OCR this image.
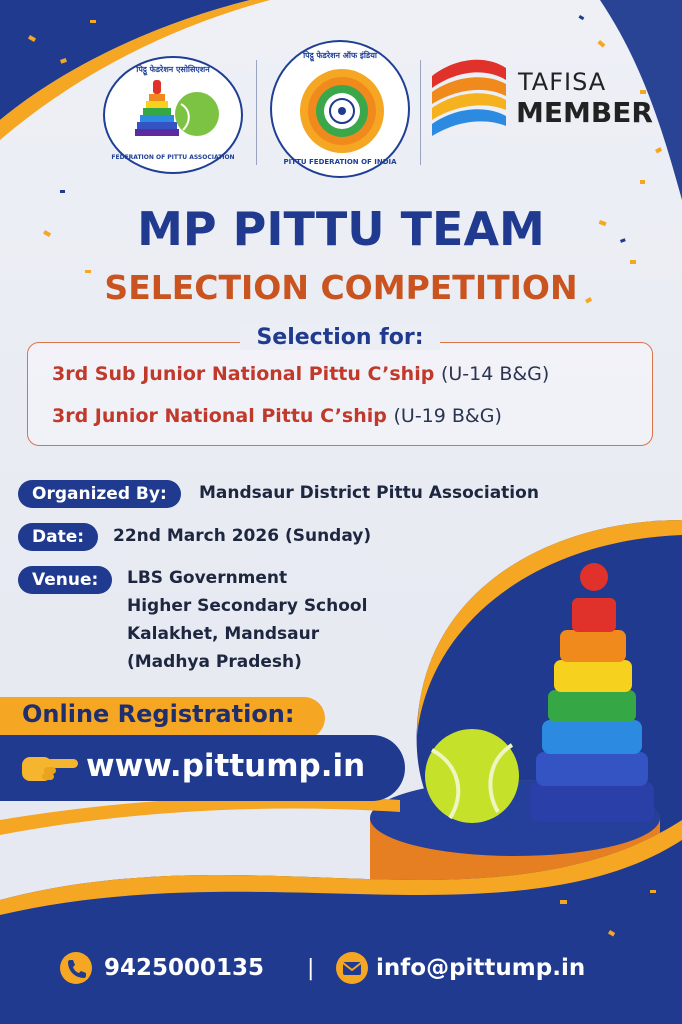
पिट्ठू फेडरेशन एसोसिएशन
FEDERATION OF PITTU ASSOCIATION
पिट्ठू फेडरेशन ऑफ इंडिया
PITTU FEDERATION OF INDIA
TAFISA
MEMBER
MP PITTU TEAM
SELECTION COMPETITION
Selection for:
3rd Sub Junior National Pittu C’ship (U-14 B&G)
3rd Junior National Pittu C’ship (U-19 B&G)
Organized By:	Mandsaur District Pittu Association
Date:	22nd March 2026 (Sunday)
Venue:	LBS Government
Higher Secondary School
Kalakhet, Mandsaur
(Madhya Pradesh)
Online Registration:
www.pittump.in
9425000135 |	info@pittump.in
